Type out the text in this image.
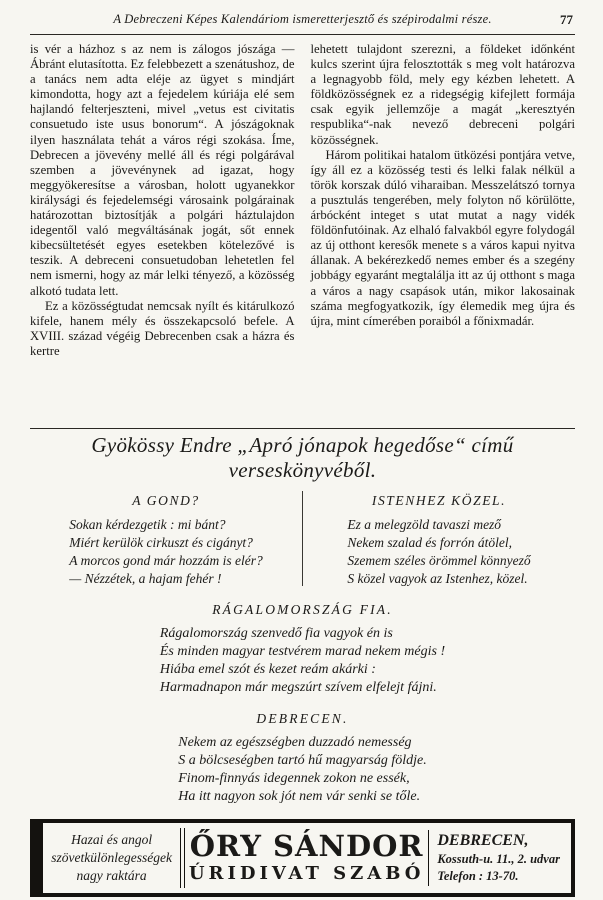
A Debreczeni Képes Kalendáriom ismeretterjesztő és szépirodalmi része.	77

is vér a házhoz s az nem is zálogos jószága — Ábránt elutasította. Ez felebbezett a szenátushoz, de a tanács nem adta eléje az ügyet s mindjárt kimondotta, hogy azt a fejedelem kúriája elé sem hajlandó felterjeszteni, mivel „vetus est civitatis consuetudo iste usus bonorum“. A jószágoknak ilyen használata tehát a város régi szokása. Íme, Debrecen a jövevény mellé áll és régi polgárával szemben a jövevénynek ad igazat, hogy meggyökeresítse a városban, holott ugyanekkor királysági és fejedelemségi városaink polgárainak határozottan biztosítják a polgári háztulajdon idegentől való megváltásának jogát, sőt ennek kibecsültetését egyes esetekben kötelezővé is teszik. A debreceni consuetudoban lehetetlen fel nem ismerni, hogy az már lelki tényező, a közösség alkotó tudata lett.

Ez a közösségtudat nemcsak nyílt és kitárulkozó kifele, hanem mély és összekapcsoló befele. A XVIII. század végéig Debrecenben csak a házra és kertre

lehetett tulajdont szerezni, a földeket időnként kulcs szerint újra felosztották s meg volt határozva a legnagyobb föld, mely egy kézben lehetett. A földközösségnek ez a ridegségig kifejlett formája csak egyik jellemzője a magát „keresztyén respublika“-nak nevező debreceni polgári közösségnek.

Három politikai hatalom ütközési pontjára vetve, így áll ez a közösség testi és lelki falak nélkül a török korszak dúló viharaiban. Messzelátszó tornya a pusztulás tengerében, mely folyton nő körülötte, árbócként integet s utat mutat a nagy vidék földönfutóinak. Az elhaló falvakból egyre folydogál az új otthont keresők menete s a város kapui nyitva állanak. A bekérezkedő nemes ember és a szegény jobbágy egyaránt megtalálja itt az új otthont s maga a város a nagy csapások után, mikor lakosainak száma megfogyatkozik, így élemedik meg újra és újra, mint címerében poraiból a főnixmadár.

Gyökössy Endre „Apró jónapok hegedőse“ című verseskönyvéből.
A GOND?
Sokan kérdezgetik : mi bánt?
Miért kerülök cirkuszt és cigányt?
A morcos gond már hozzám is elér?
— Nézzétek, a hajam fehér !
ISTENHEZ KÖZEL.
Ez a melegzöld tavaszi mező
Nekem szalad és forrón átölel,
Szemem széles örömmel könnyező
S közel vagyok az Istenhez, közel.
RÁGALOMORSZÁG FIA.
Rágalomország szenvedő fia vagyok én is
És minden magyar testvérem marad nekem mégis !
Hiába emel szót és kezet reám akárki :
Harmadnapon már megszúrt szívem elfelejt fájni.
DEBRECEN.
Nekem az egészségben duzzadó nemesség
S a bölcseségben tartó hű magyarság földje.
Finom-finnyás idegennek zokon ne essék,
Ha itt nagyon sok jót nem vár senki se tőle.
Hazai és angol
szövetkülönlegességek
nagy raktára
ŐRY SÁNDOR
ÚRIDIVAT SZABÓ
DEBRECEN,
Kossuth-u. 11., 2. udvar
Telefon : 13-70.
